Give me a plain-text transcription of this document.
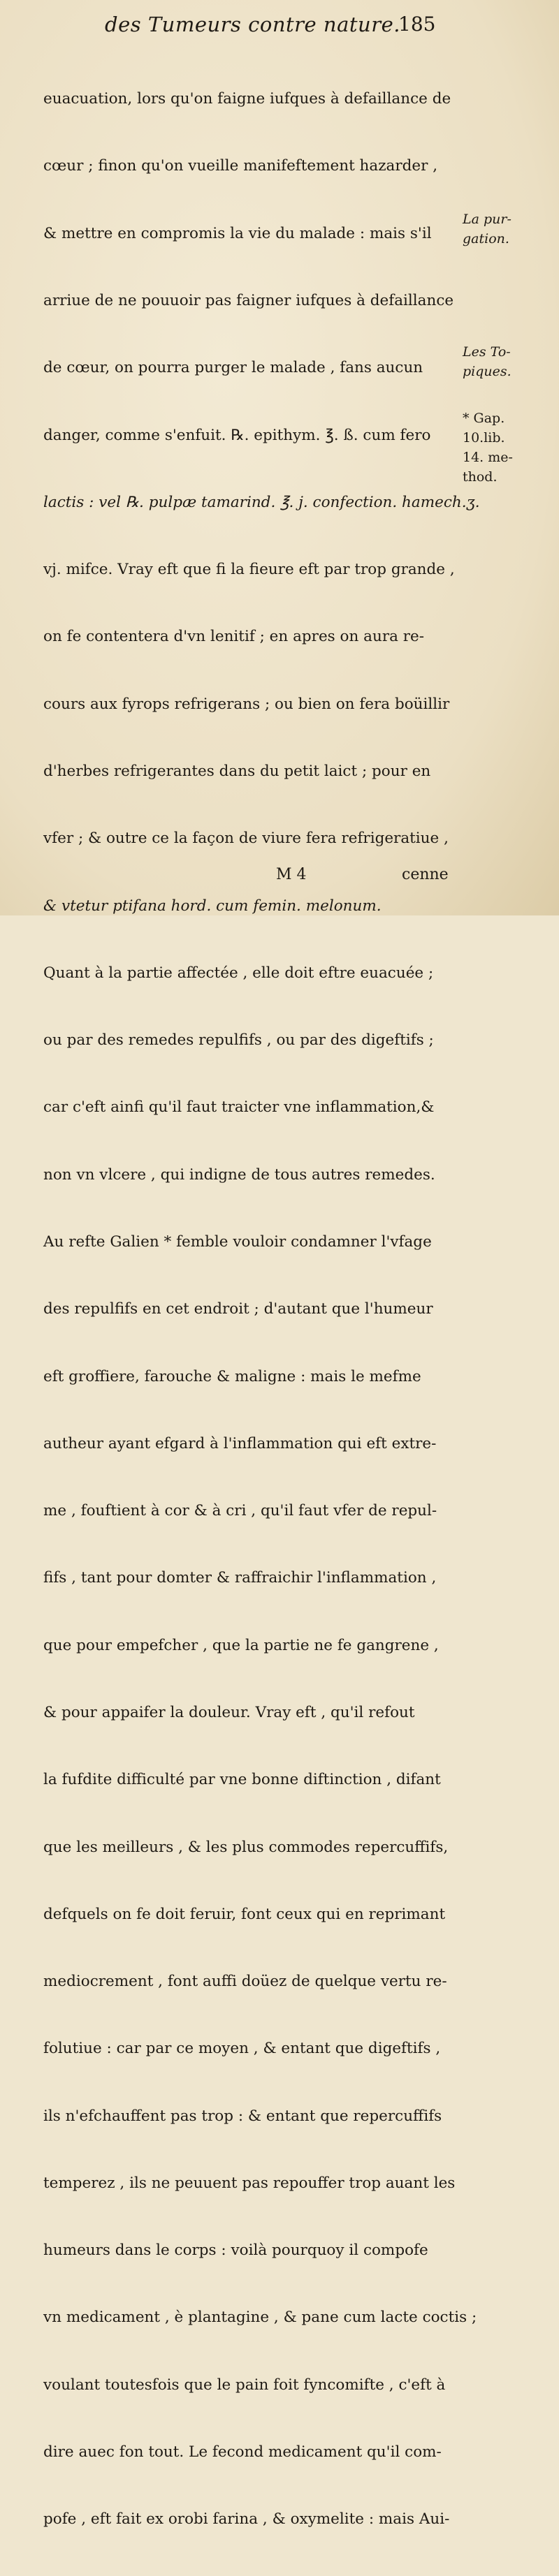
des Tumeurs contre nature.
185

euacuation, lors qu'on faigne iufques à defaillance de

cœur ; finon qu'on vueille manifeftement hazarder ,

& mettre en compromis la vie du malade : mais s'il

arriue de ne pouuoir pas faigner iufques à defaillance

de cœur, on pourra purger le malade , fans aucun

danger, comme s'enfuit. ℞. epithym. ℥. ß. cum fero

lactis : vel ℞. pulpæ tamarind. ℥. j. confection. hamech.ʒ.

vj. mifce. Vray eft que fi la fieure eft par trop grande ,

on fe contentera d'vn lenitif ; en apres on aura re-

cours aux fyrops refrigerans ; ou bien on fera boüillir

d'herbes refrigerantes dans du petit laict ; pour en

vfer ; & outre ce la façon de viure fera refrigeratiue ,

& vtetur ptifana hord. cum femin. melonum.

Quant à la partie affectée , elle doit eftre euacuée ;

ou par des remedes repulfifs , ou par des digeftifs ;

car c'eft ainfi qu'il faut traicter vne inflammation,&

non vn vlcere , qui indigne de tous autres remedes.

Au refte Galien * femble vouloir condamner l'vfage

des repulfifs en cet endroit ; d'autant que l'humeur

eft groffiere, farouche & maligne : mais le mefme

autheur ayant efgard à l'inflammation qui eft extre-

me , fouftient à cor & à cri , qu'il faut vfer de repul-

fifs , tant pour domter & raffraichir l'inflammation ,

que pour empefcher , que la partie ne fe gangrene ,

& pour appaifer la douleur. Vray eft , qu'il refout

la fufdite difficulté par vne bonne diftinction , difant

que les meilleurs , & les plus commodes repercuffifs,

defquels on fe doit feruir, font ceux qui en reprimant

mediocrement , font auffi doüez de quelque vertu re-

folutiue : car par ce moyen , & entant que digeftifs ,

ils n'efchauffent pas trop : & entant que repercuffifs

temperez , ils ne peuuent pas repouffer trop auant les

humeurs dans le corps : voilà pourquoy il compofe

vn medicament , è plantagine , & pane cum lacte coctis ;

voulant toutesfois que le pain foit fyncomifte , c'eft à

dire auec fon tout. Le fecond medicament qu'il com-

pofe , eft fait ex orobi farina , & oxymelite : mais Aui-

La pur-
gation.
Les To-
piques.
* Gap.
10.lib.
14. me-
thod.
M 4	cenne
